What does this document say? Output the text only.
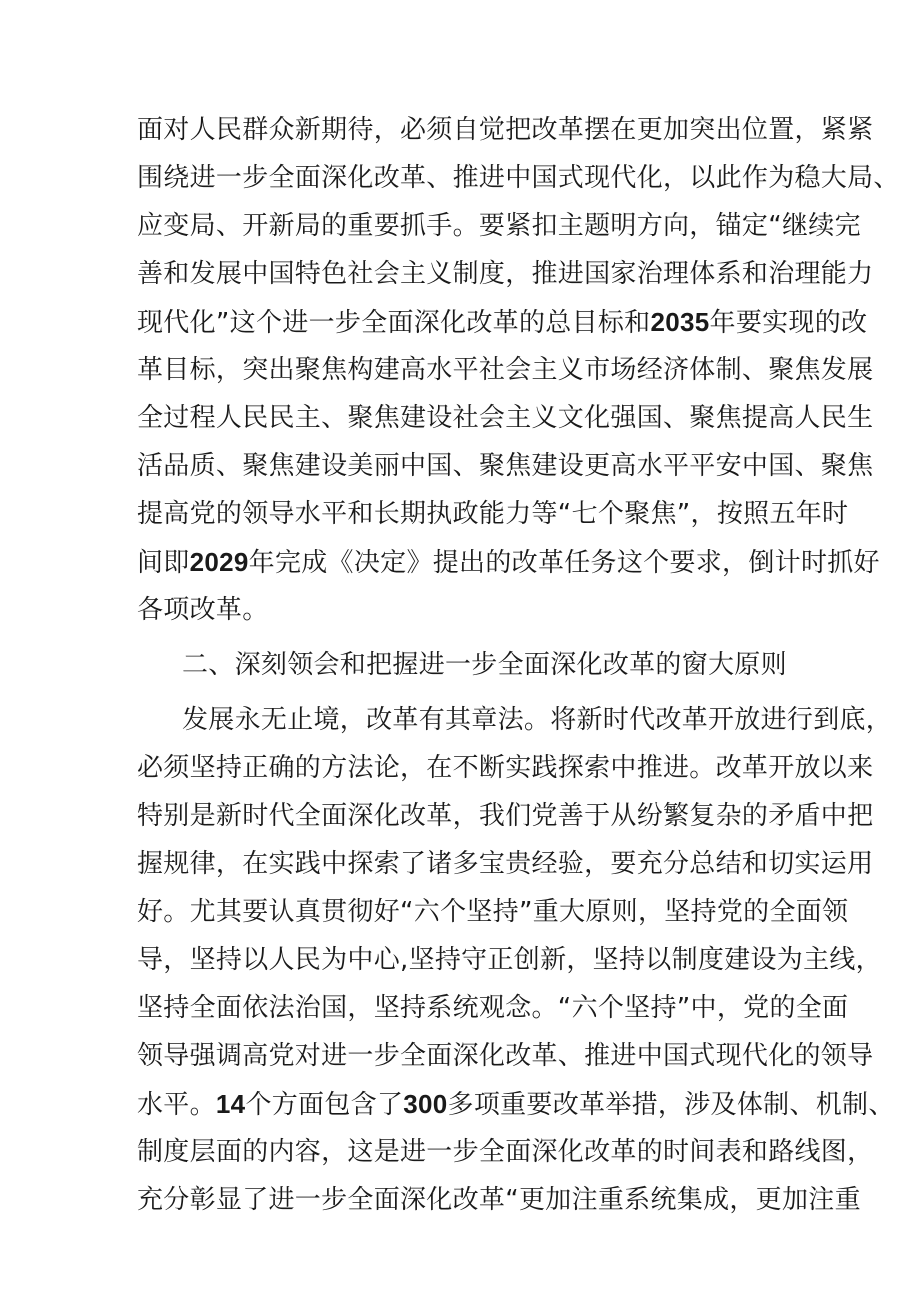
面对人民群众新期待，必须自觉把改革摆在更加突出位置，紧紧
围绕进一步全面深化改革、推进中国式现代化，以此作为稳大局、
应变局、开新局的重要抓手。要紧扣主题明方向，锚定“继续完
善和发展中国特色社会主义制度，推进国家治理体系和治理能力
现代化”这个进一步全面深化改革的总目标和2035年要实现的改
革目标，突出聚焦构建高水平社会主义市场经济体制、聚焦发展
全过程人民民主、聚焦建设社会主义文化强国、聚焦提高人民生
活品质、聚焦建设美丽中国、聚焦建设更高水平平安中国、聚焦
提高党的领导水平和长期执政能力等“七个聚焦”，按照五年时
间即2029年完成《决定》提出的改革任务这个要求，倒计时抓好
各项改革。
二、深刻领会和把握进一步全面深化改革的窗大原则
发展永无止境，改革有其章法。将新时代改革开放进行到底，
必须坚持正确的方法论，在不断实践探索中推进。改革开放以来
特别是新时代全面深化改革，我们党善于从纷繁复杂的矛盾中把
握规律，在实践中探索了诸多宝贵经验，要充分总结和切实运用
好。尤其要认真贯彻好“六个坚持”重大原则，坚持党的全面领
导，坚持以人民为中心,坚持守正创新，坚持以制度建设为主线，
坚持全面依法治国，坚持系统观念。“六个坚持”中，党的全面
领导强调高党对进一步全面深化改革、推进中国式现代化的领导
水平。14个方面包含了300多项重要改革举措，涉及体制、机制、
制度层面的内容，这是进一步全面深化改革的时间表和路线图，
充分彰显了进一步全面深化改革“更加注重系统集成，更加注重
